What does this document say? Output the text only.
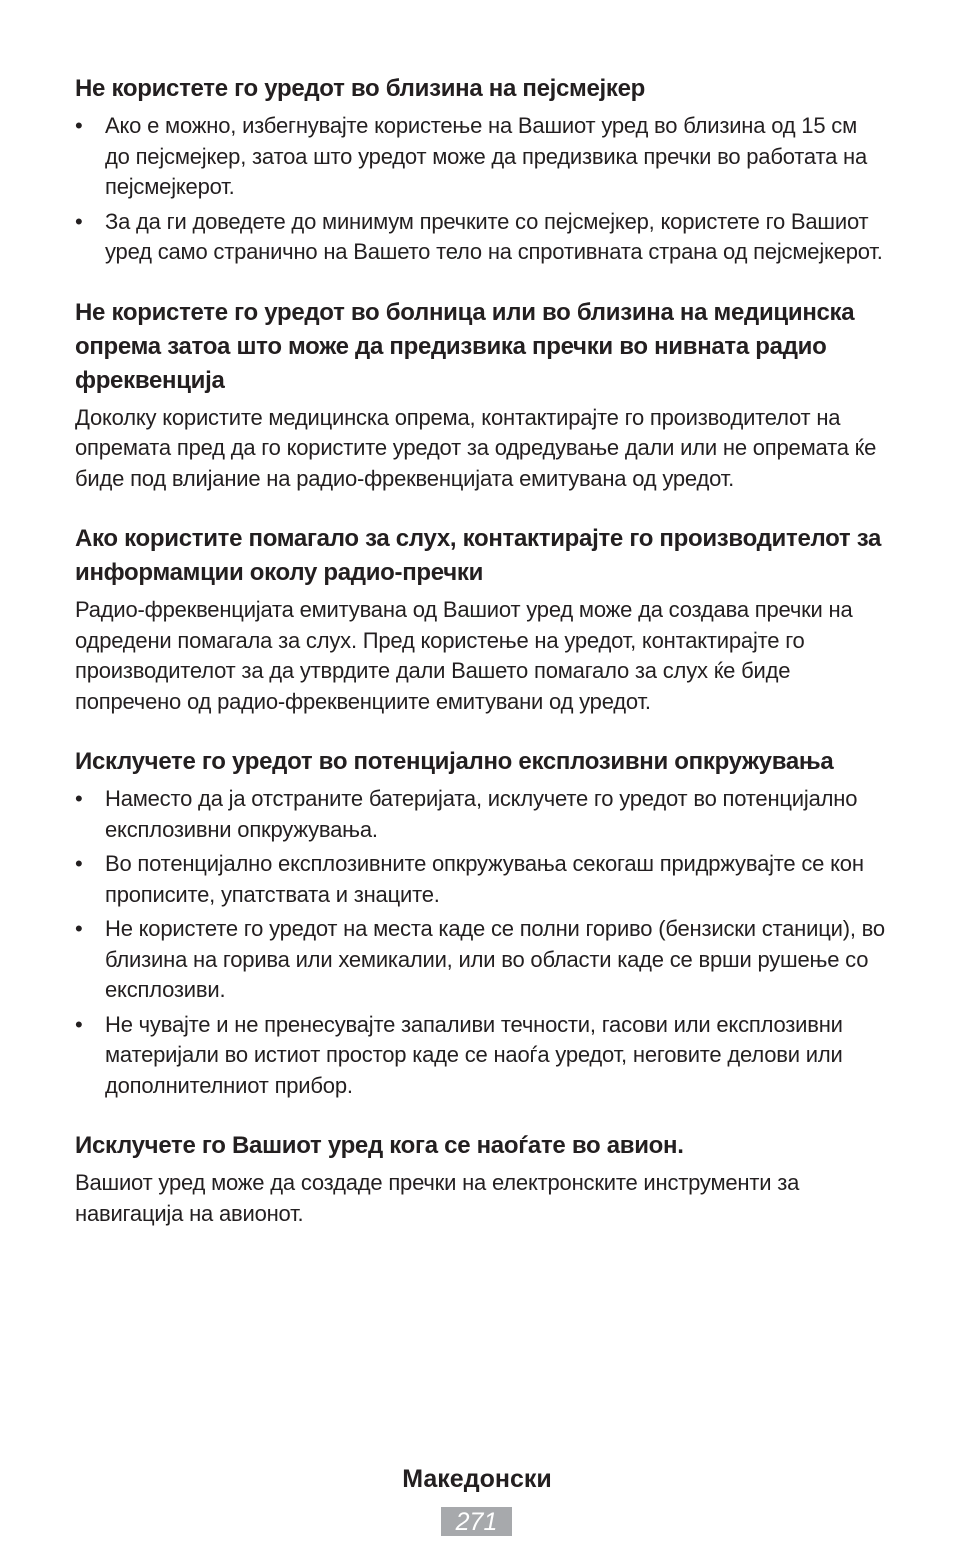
Не користете го уредот во близина на пејсмејкер
•	Ако е можно, избегнувајте користење на Вашиот уред во близина од 15 см до пејсмејкер, затоа што уредот може да предизвика пречки во работата на пејсмејкерот.
•	За да ги доведете до минимум пречките со пејсмејкер, користете го Вашиот уред само странично на Вашето тело на спротивната страна од пејсмејкерот.
Не користете го уредот во болница или во близина на медицинска опрема затоа што може да предизвика пречки во нивната радио фреквенција

Доколку користите медицинска опрема, контактирајте го производителот на опремата пред да го користите уредот за одредување дали или не опремата ќе биде под влијание на радио-фреквенцијата емитувана од уредот.

Ако користите помагало за слух, контактирајте го производителот за информамции околу радио-пречки

Радио-фреквенцијата емитувана од Вашиот уред може да создава пречки на одредени помагала за слух. Пред користење на уредот, контактирајте го производителот за да утврдите дали Вашето помагало за слух ќе биде попречено од радио-фреквенциите емитувани од уредот.

Исклучете го уредот во потенцијално експлозивни опкружувања
•	Наместо да ја отстраните батеријата, исклучете го уредот во потенцијално експлозивни опкружувања.
•	Во потенцијално експлозивните опкружувања секогаш придржувајте се кон прописите, упатствата и знаците.
•	Не користете го уредот на места каде се полни гориво (бензиски станици), во близина на горива или хемикалии, или во области каде се врши рушење со експлозиви.
•	Не чувајте и не пренесувајте запаливи течности, гасови или експлозивни материјали во истиот простор каде се наоѓа уредот, неговите делови или дополнителниот прибор.
Исклучете го Вашиот уред кога се наоѓате во авион.

Вашиот уред може да создаде пречки на електронските инструменти за навигација на авионот.

Македонски
271
